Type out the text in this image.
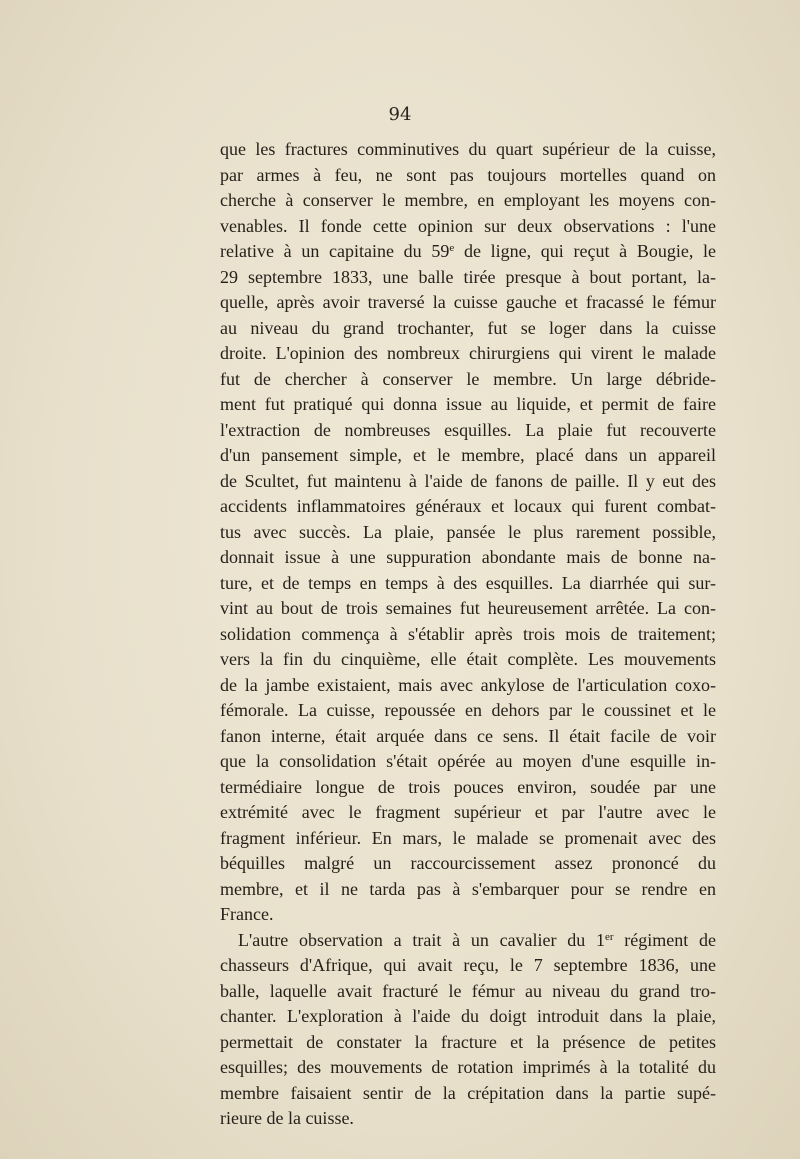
94
que les fractures comminutives du quart supérieur de la cuisse,
par armes à feu, ne sont pas toujours mortelles quand on
cherche à conserver le membre, en employant les moyens con-
venables. Il fonde cette opinion sur deux observations : l'une
relative à un capitaine du 59e de ligne, qui reçut à Bougie, le
29 septembre 1833, une balle tirée presque à bout portant, la-
quelle, après avoir traversé la cuisse gauche et fracassé le fémur
au niveau du grand trochanter, fut se loger dans la cuisse
droite. L'opinion des nombreux chirurgiens qui virent le malade
fut de chercher à conserver le membre. Un large débride-
ment fut pratiqué qui donna issue au liquide, et permit de faire
l'extraction de nombreuses esquilles. La plaie fut recouverte
d'un pansement simple, et le membre, placé dans un appareil
de Scultet, fut maintenu à l'aide de fanons de paille. Il y eut des
accidents inflammatoires généraux et locaux qui furent combat-
tus avec succès. La plaie, pansée le plus rarement possible,
donnait issue à une suppuration abondante mais de bonne na-
ture, et de temps en temps à des esquilles. La diarrhée qui sur-
vint au bout de trois semaines fut heureusement arrêtée. La con-
solidation commença à s'établir après trois mois de traitement;
vers la fin du cinquième, elle était complète. Les mouvements
de la jambe existaient, mais avec ankylose de l'articulation coxo-
fémorale. La cuisse, repoussée en dehors par le coussinet et le
fanon interne, était arquée dans ce sens. Il était facile de voir
que la consolidation s'était opérée au moyen d'une esquille in-
termédiaire longue de trois pouces environ, soudée par une
extrémité avec le fragment supérieur et par l'autre avec le
fragment inférieur. En mars, le malade se promenait avec des
béquilles malgré un raccourcissement assez prononcé du
membre, et il ne tarda pas à s'embarquer pour se rendre en
France.
L'autre observation a trait à un cavalier du 1er régiment de
chasseurs d'Afrique, qui avait reçu, le 7 septembre 1836, une
balle, laquelle avait fracturé le fémur au niveau du grand tro-
chanter. L'exploration à l'aide du doigt introduit dans la plaie,
permettait de constater la fracture et la présence de petites
esquilles; des mouvements de rotation imprimés à la totalité du
membre faisaient sentir de la crépitation dans la partie supé-
rieure de la cuisse.
